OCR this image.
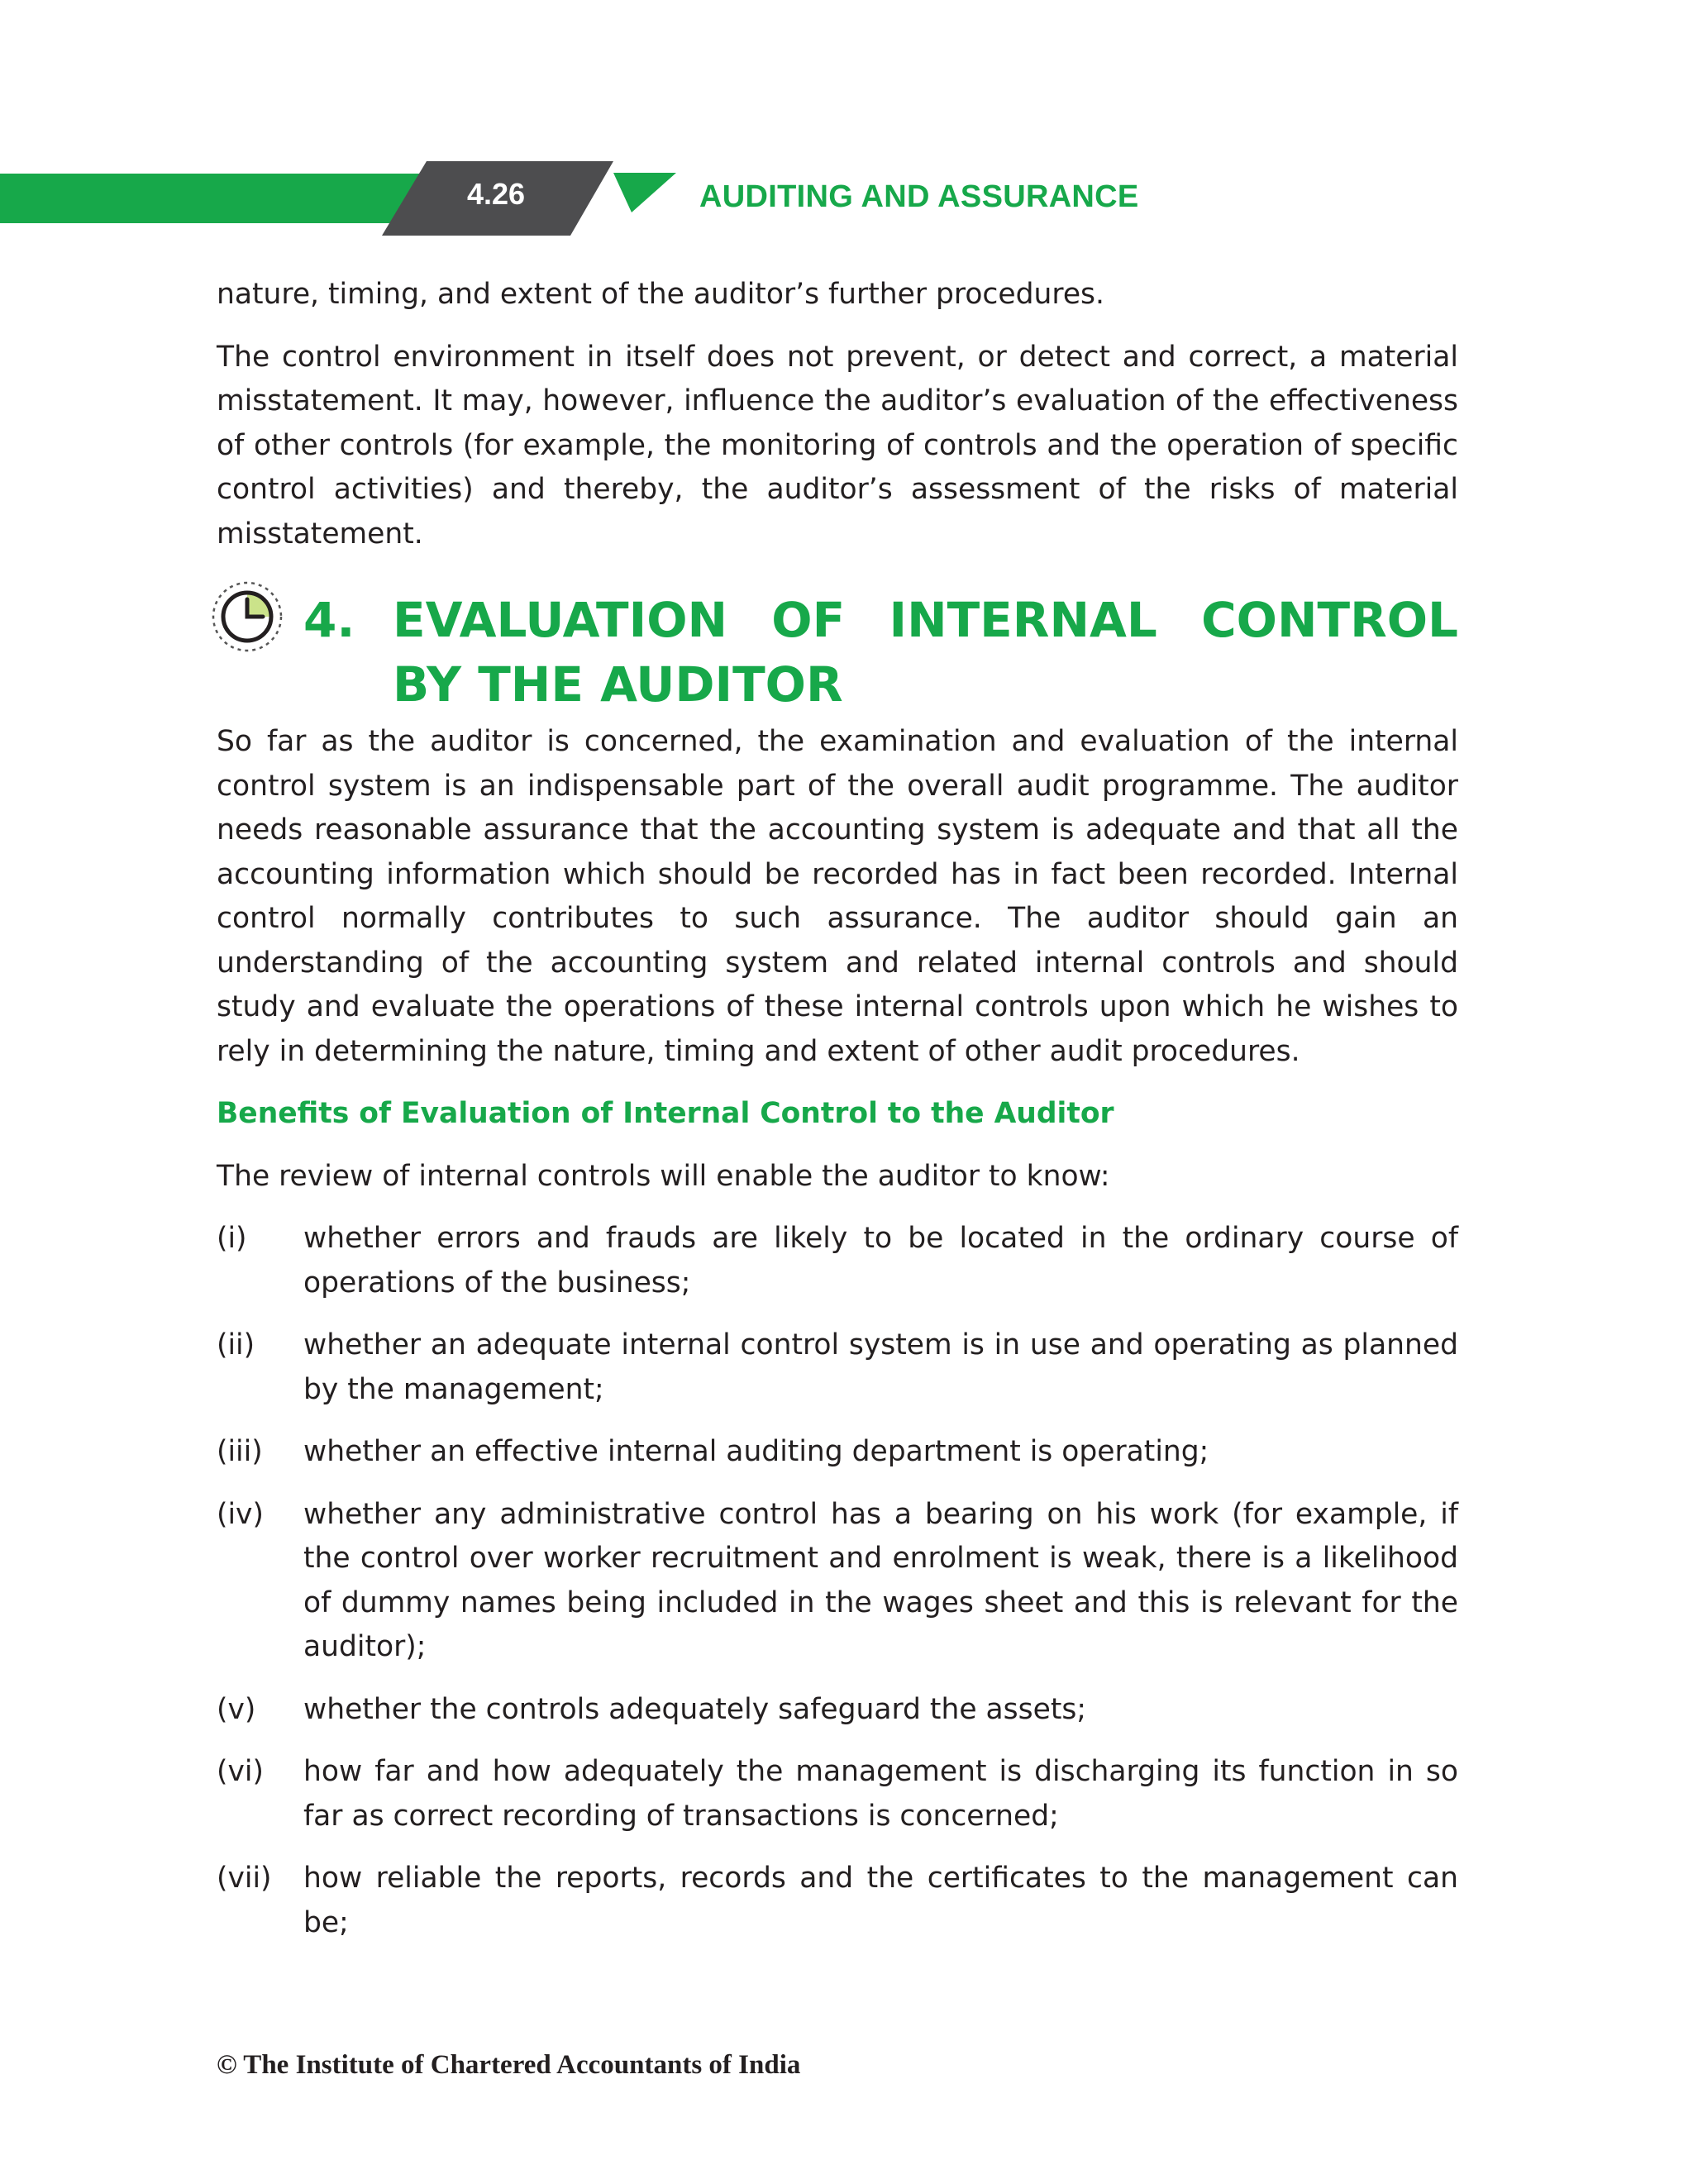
4.26	AUDITING AND ASSURANCE

nature, timing, and extent of the auditor’s further procedures.

The control environment in itself does not prevent, or detect and correct, a material misstatement. It may, however, influence the auditor’s evaluation of the effectiveness of other controls (for example, the monitoring of controls and the operation of specific control activities) and thereby, the auditor’s assessment of the risks of material misstatement.

4. EVALUATION OF INTERNAL CONTROL BY THE AUDITOR

So far as the auditor is concerned, the examination and evaluation of the internal control system is an indispensable part of the overall audit programme. The auditor needs reasonable assurance that the accounting system is adequate and that all the accounting information which should be recorded has in fact been recorded. Internal control normally contributes to such assurance. The auditor should gain an understanding of the accounting system and related internal controls and should study and evaluate the operations of these internal controls upon which he wishes to rely in determining the nature, timing and extent of other audit procedures.

Benefits of Evaluation of Internal Control to the Auditor

The review of internal controls will enable the auditor to know:

(i)	whether errors and frauds are likely to be located in the ordinary course of operations of the business;
(ii)	whether an adequate internal control system is in use and operating as planned by the management;
(iii)	whether an effective internal auditing department is operating;
(iv)	whether any administrative control has a bearing on his work (for example, if the control over worker recruitment and enrolment is weak, there is a likelihood of dummy names being included in the wages sheet and this is relevant for the auditor);
(v)	whether the controls adequately safeguard the assets;
(vi)	how far and how adequately the management is discharging its function in so far as correct recording of transactions is concerned;
(vii)	how reliable the reports, records and the certificates to the management can be;
© The Institute of Chartered Accountants of India
